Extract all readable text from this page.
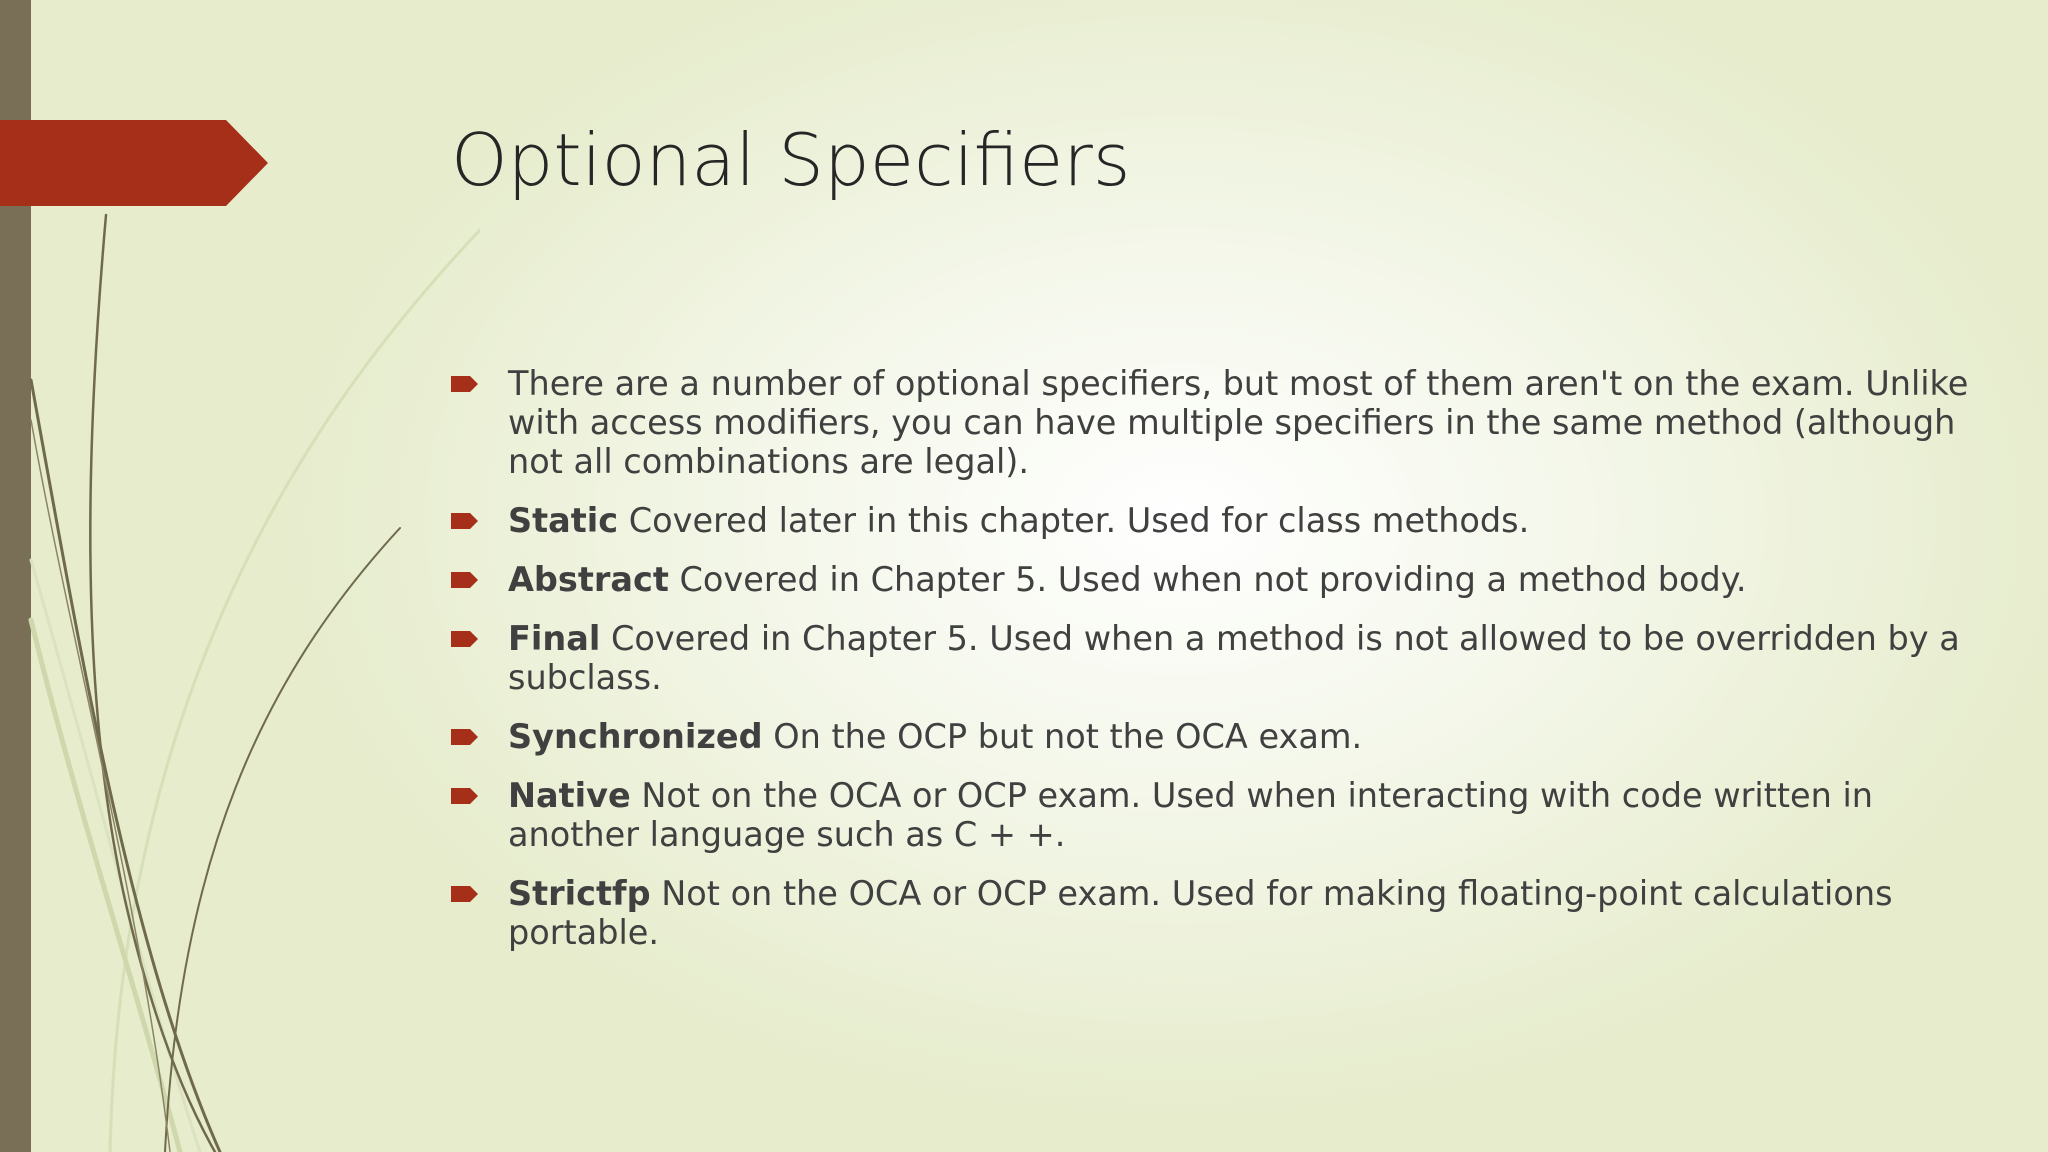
Optional Specifiers
There are a number of optional specifiers, but most of them aren't on the exam. Unlike with access modifiers, you can have multiple specifiers in the same method (although not all combinations are legal).
Static Covered later in this chapter. Used for class methods.
Abstract Covered in Chapter 5. Used when not providing a method body.
Final Covered in Chapter 5. Used when a method is not allowed to be overridden by a subclass.
Synchronized On the OCP but not the OCA exam.
Native Not on the OCA or OCP exam. Used when interacting with code written in another language such as C + +.
Strictfp Not on the OCA or OCP exam. Used for making floating-point calculations portable.
